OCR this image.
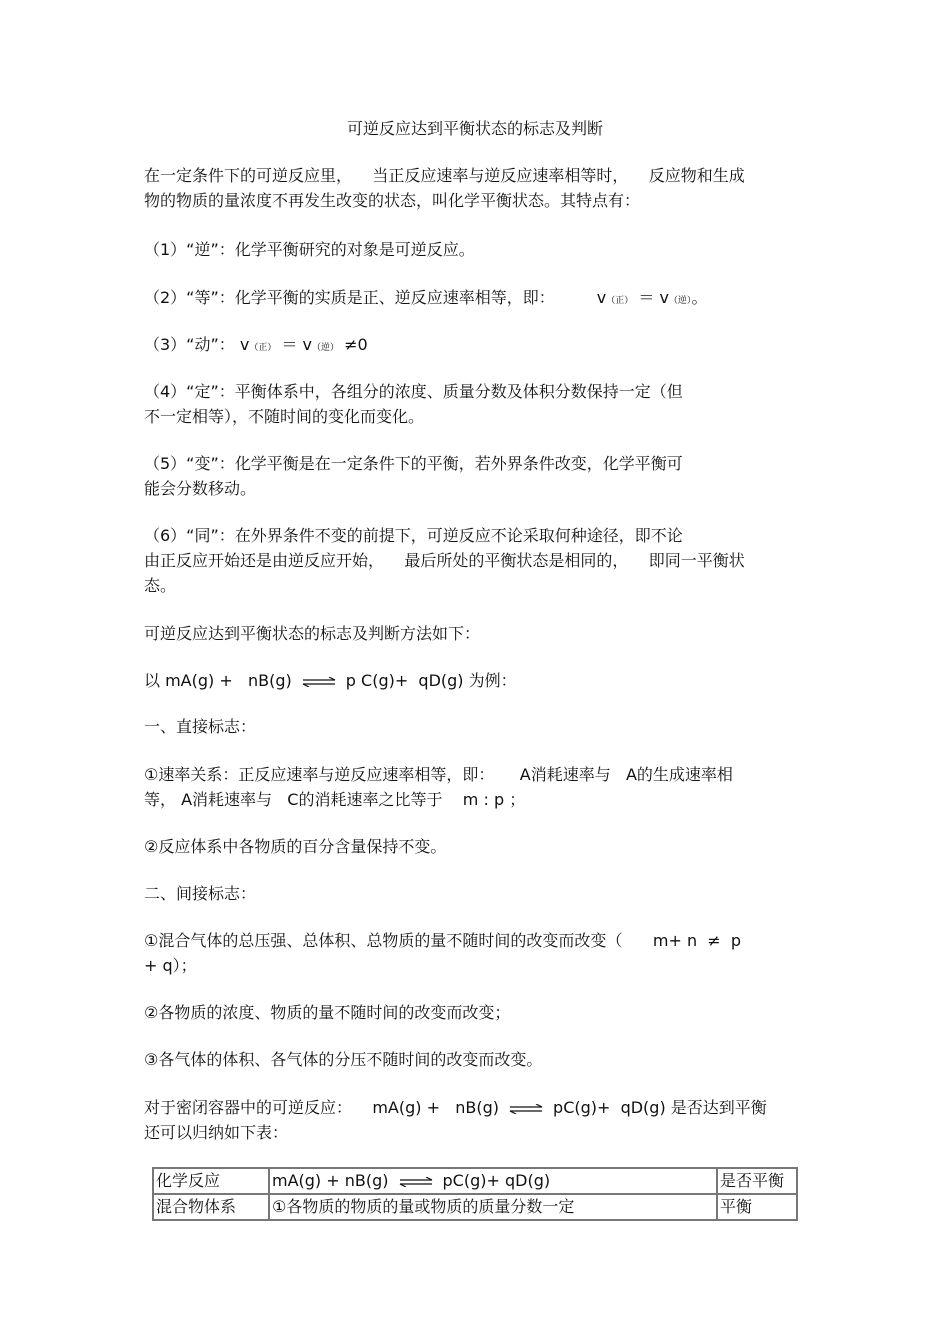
可逆反应达到平衡状态的标志及判断
在一定条件下的可逆反应里，    当正反应速率与逆反应速率相等时，    反应物和生成
物的物质的量浓度不再发生改变的状态，叫化学平衡状态。其特点有：
（1）“逆”：化学平衡研究的对象是可逆反应。
（2）“等”：化学平衡的实质是正、逆反应速率相等，即：	v（正） ＝ v（逆）。
（3）“动”： v（正） ＝ v（逆） ≠0
（4）“定”：平衡体系中，各组分的浓度、质量分数及体积分数保持一定（但
不一定相等），不随时间的变化而变化。
（5）“变”：化学平衡是在一定条件下的平衡，若外界条件改变，化学平衡可
能会分数移动。
（6）“同”：在外界条件不变的前提下，可逆反应不论采取何种途径，即不论
由正反应开始还是由逆反应开始，    最后所处的平衡状态是相同的，    即同一平衡状
态。
可逆反应达到平衡状态的标志及判断方法如下：
以 mA(g) +   nB(g) ⇌ p C(g)+  qD(g) 为例：
一、直接标志：
①速率关系：正反应速率与逆反应速率相等，即：     A消耗速率与   A的生成速率相
等， A消耗速率与   C的消耗速率之比等于    m : p ；
②反应体系中各物质的百分含量保持不变。
二、间接标志：
①混合气体的总压强、总体积、总物质的量不随时间的改变而改变（      m+ n  ≠  p
+ q）；
②各物质的浓度、物质的量不随时间的改变而改变；
③各气体的体积、各气体的分压不随时间的改变而改变。
对于密闭容器中的可逆反应：    mA(g) +   nB(g) ⇌ pC(g)+  qD(g) 是否达到平衡
还可以归纳如下表：
化学反应	mA(g) + nB(g) ⇌ pC(g)+ qD(g)	是否平衡
混合物体系	①各物质的物质的量或物质的质量分数一定	平衡
